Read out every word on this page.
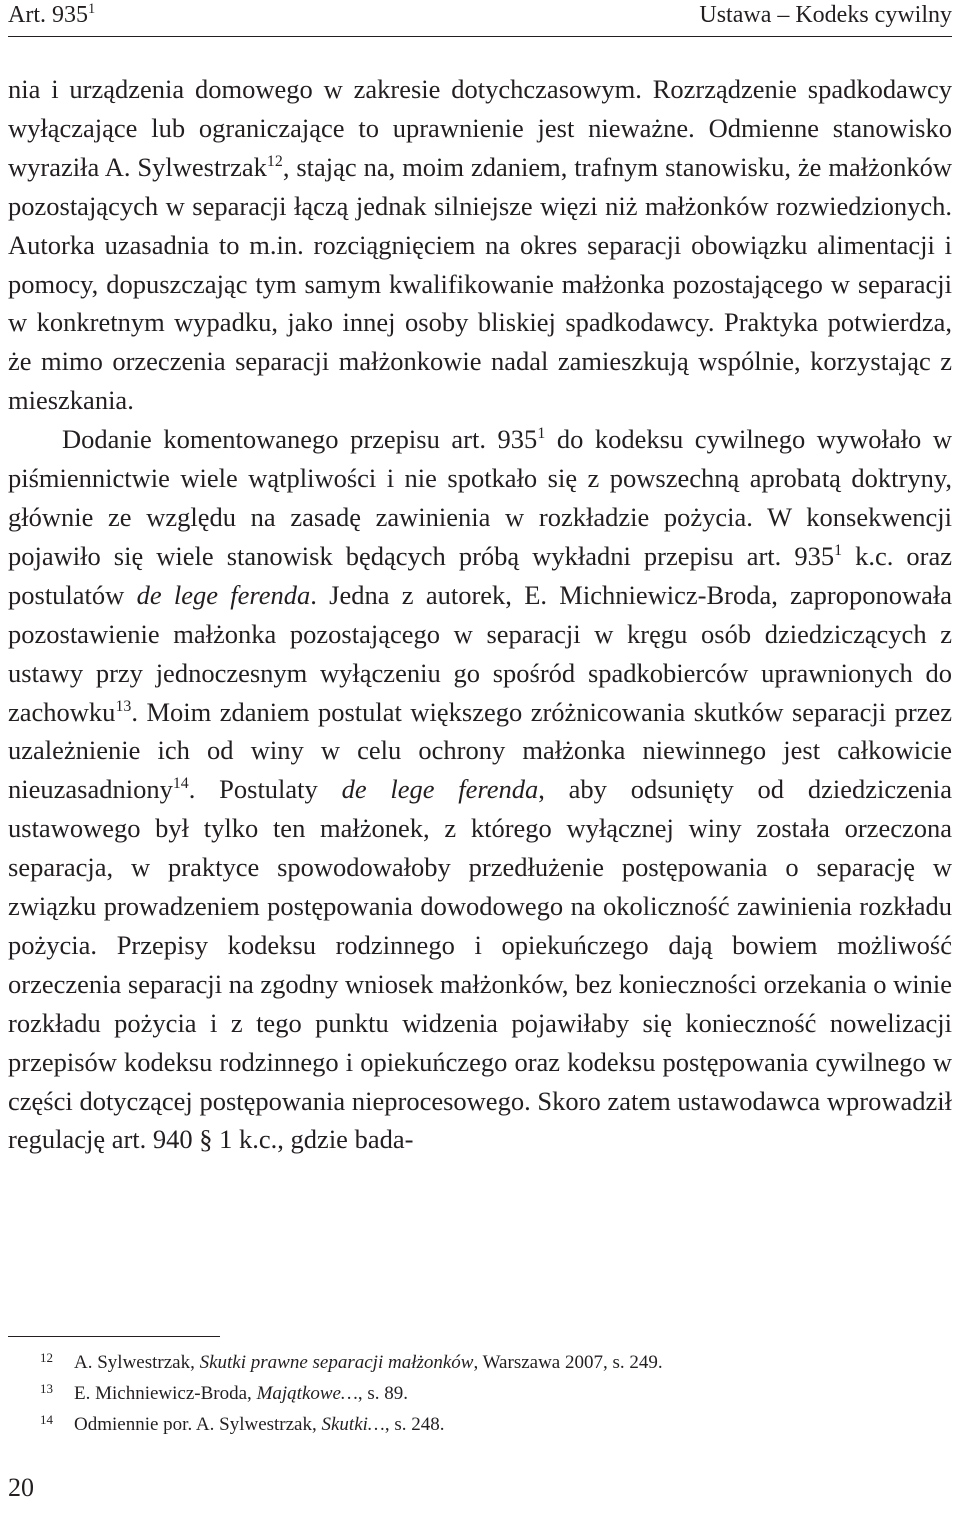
Art. $935^1$	Ustawa – Kodeks cywilny

nia i urządzenia domowego w zakresie dotychczasowym. Rozrządzenie spadkodawcy wyłączające lub ograniczające to uprawnienie jest nieważne. Odmienne stanowisko wyraziła A. Sylwestrzak$^{12}$, stając na, moim zdaniem, trafnym stanowisku, że małżonków pozostających w separacji łączą jednak silniejsze więzi niż małżonków rozwiedzionych. Autorka uzasadnia to m.in. rozciągnięciem na okres separacji obowiązku alimentacji i pomocy, dopuszczając tym samym kwalifikowanie małżonka pozostającego w separacji w konkretnym wypadku, jako innej osoby bliskiej spadkodawcy. Praktyka potwierdza, że mimo orzeczenia separacji małżonkowie nadal zamieszkują wspólnie, korzystając z mieszkania.

Dodanie komentowanego przepisu art. $935^1$ do kodeksu cywilnego wywołało w piśmiennictwie wiele wątpliwości i nie spotkało się z powszechną aprobatą doktryny, głównie ze względu na zasadę zawinienia w rozkładzie pożycia. W konsekwencji pojawiło się wiele stanowisk będących próbą wykładni przepisu art. $935^1$ k.c. oraz postulatów de lege ferenda. Jedna z autorek, E. Michniewicz-Broda, zaproponowała pozostawienie małżonka pozostającego w separacji w kręgu osób dziedziczących z ustawy przy jednoczesnym wyłączeniu go spośród spadkobierców uprawnionych do zachowku$^{13}$. Moim zdaniem postulat większego zróżnicowania skutków separacji przez uzależnienie ich od winy w celu ochrony małżonka niewinnego jest całkowicie nieuzasadniony$^{14}$. Postulaty de lege ferenda, aby odsunięty od dziedziczenia ustawowego był tylko ten małżonek, z którego wyłącznej winy została orzeczona separacja, w praktyce spowodowałoby przedłużenie postępowania o separację w związku prowadzeniem postępowania dowodowego na okoliczność zawinienia rozkładu pożycia. Przepisy kodeksu rodzinnego i opiekuńczego dają bowiem możliwość orzeczenia separacji na zgodny wniosek małżonków, bez konieczności orzekania o winie rozkładu pożycia i z tego punktu widzenia pojawiłaby się konieczność nowelizacji przepisów kodeksu rodzinnego i opiekuńczego oraz kodeksu postępowania cywilnego w części dotyczącej postępowania nieprocesowego. Skoro zatem ustawodawca wprowadził regulację art. 940 § 1 k.c., gdzie bada-

12 A. Sylwestrzak, Skutki prawne separacji małżonków, Warszawa 2007, s. 249.
13 E. Michniewicz-Broda, Majątkowe…, s. 89.
14 Odmiennie por. A. Sylwestrzak, Skutki…, s. 248.
20
